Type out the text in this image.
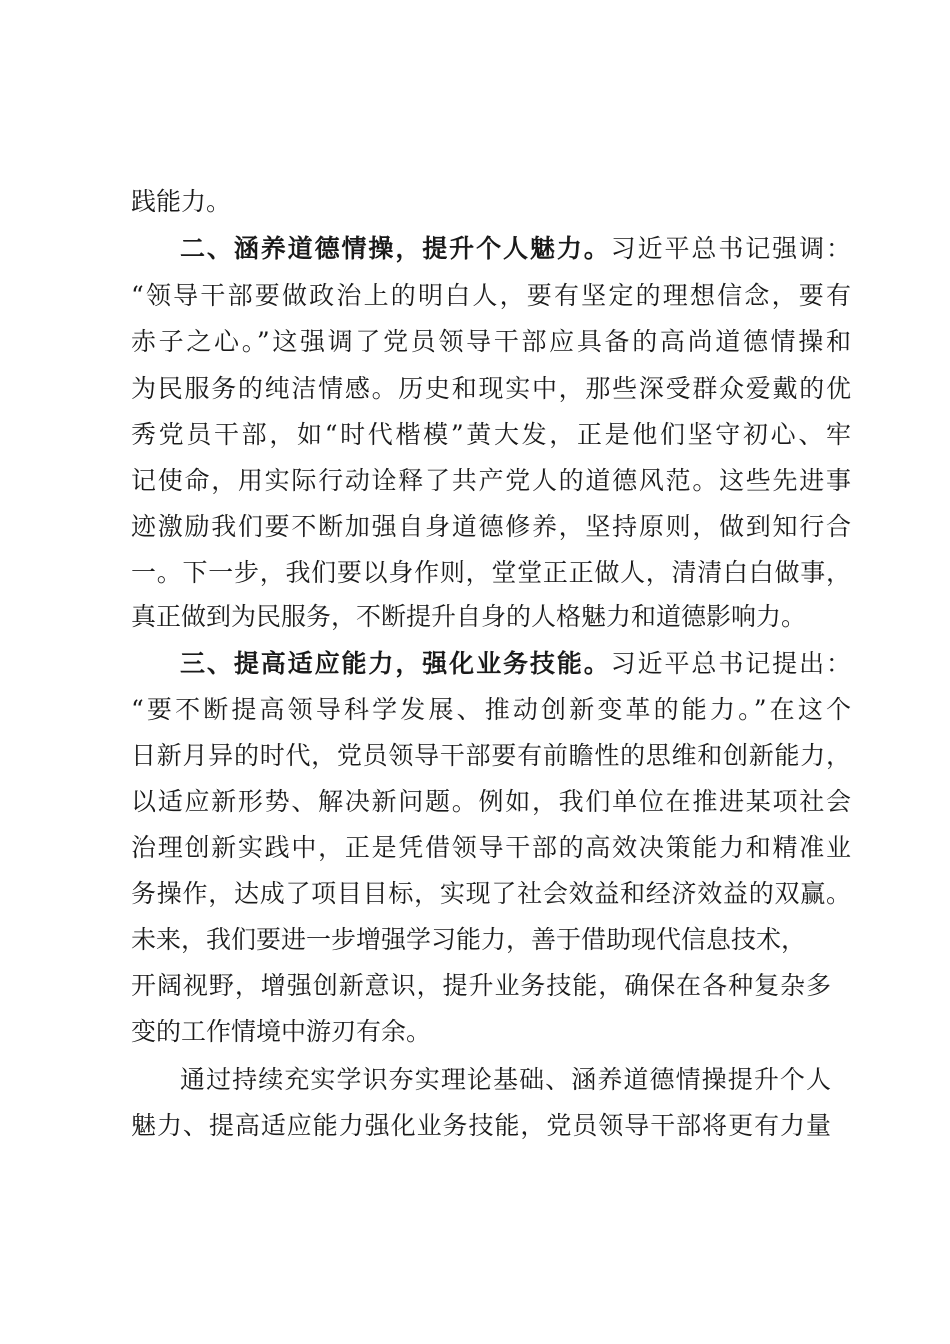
践能力。
二、涵养道德情操，提升个人魅力。习近平总书记强调：
“领导干部要做政治上的明白人，要有坚定的理想信念，要有
赤子之心。”这强调了党员领导干部应具备的高尚道德情操和
为民服务的纯洁情感。历史和现实中，那些深受群众爱戴的优
秀党员干部，如“时代楷模”黄大发，正是他们坚守初心、牢
记使命，用实际行动诠释了共产党人的道德风范。这些先进事
迹激励我们要不断加强自身道德修养，坚持原则，做到知行合
一。下一步，我们要以身作则，堂堂正正做人，清清白白做事，
真正做到为民服务，不断提升自身的人格魅力和道德影响力。
三、提高适应能力，强化业务技能。习近平总书记提出：
“要不断提高领导科学发展、推动创新变革的能力。”在这个
日新月异的时代，党员领导干部要有前瞻性的思维和创新能力，
以适应新形势、解决新问题。例如，我们单位在推进某项社会
治理创新实践中，正是凭借领导干部的高效决策能力和精准业
务操作，达成了项目目标，实现了社会效益和经济效益的双赢。
未来，我们要进一步增强学习能力，善于借助现代信息技术，
开阔视野，增强创新意识，提升业务技能，确保在各种复杂多
变的工作情境中游刃有余。
通过持续充实学识夯实理论基础、涵养道德情操提升个人
魅力、提高适应能力强化业务技能，党员领导干部将更有力量
